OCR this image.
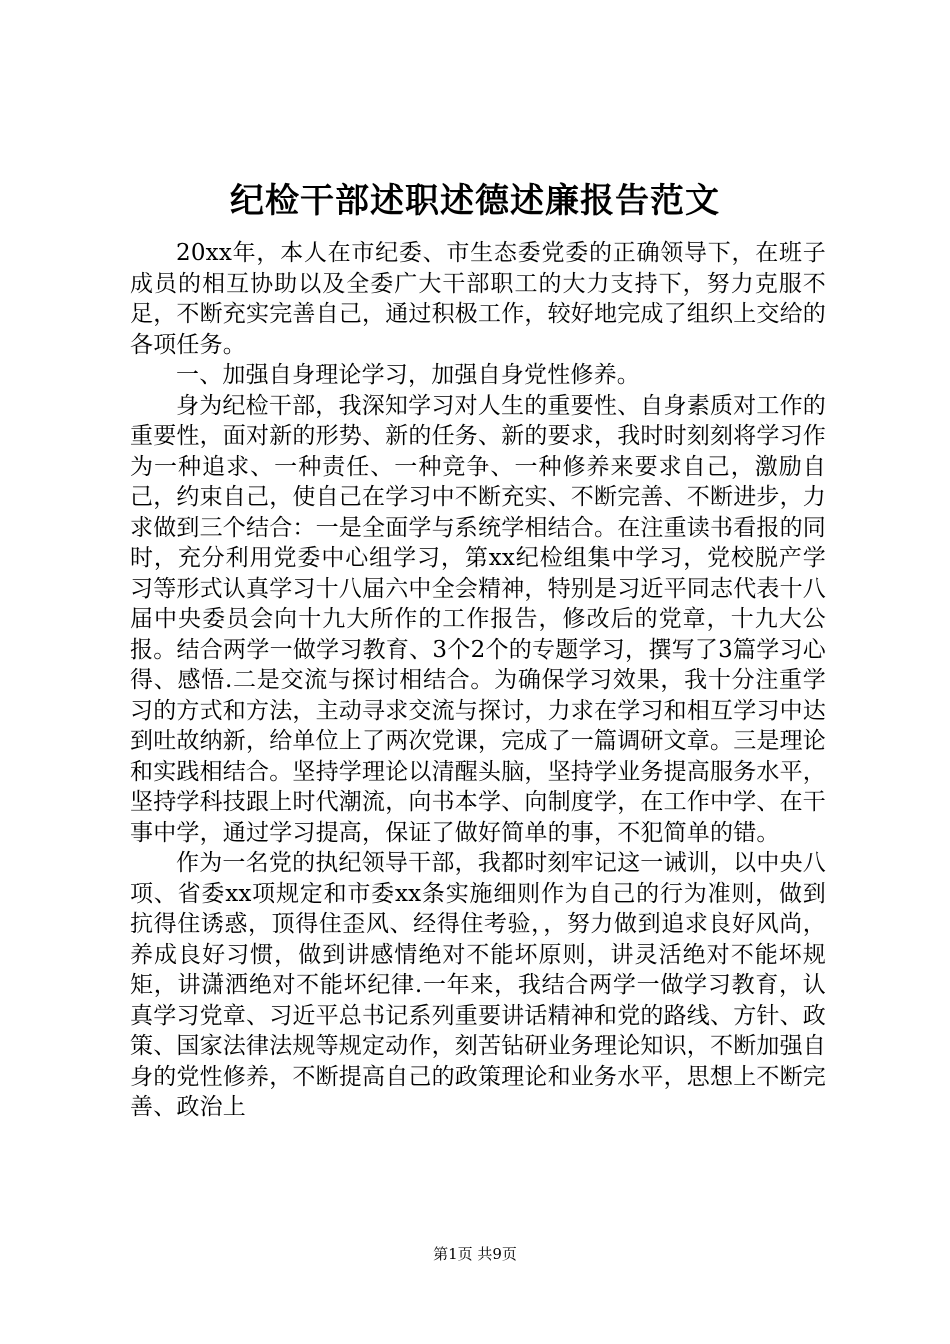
纪检干部述职述德述廉报告范文

20xx年，本人在市纪委、市生态委党委的正确领导下，在班子成员的相互协助以及全委广大干部职工的大力支持下，努力克服不足，不断充实完善自己，通过积极工作，较好地完成了组织上交给的各项任务。

一、加强自身理论学习，加强自身党性修养。

身为纪检干部，我深知学习对人生的重要性、自身素质对工作的重要性，面对新的形势、新的任务、新的要求，我时时刻刻将学习作为一种追求、一种责任、一种竞争、一种修养来要求自己，激励自己，约束自己，使自己在学习中不断充实、不断完善、不断进步，力求做到三个结合：一是全面学与系统学相结合。在注重读书看报的同时，充分利用党委中心组学习，第xx纪检组集中学习，党校脱产学习等形式认真学习十八届六中全会精神，特别是习近平同志代表十八届中央委员会向十九大所作的工作报告，修改后的党章，十九大公报。结合两学一做学习教育、3个2个的专题学习，撰写了3篇学习心得、感悟.二是交流与探讨相结合。为确保学习效果，我十分注重学习的方式和方法，主动寻求交流与探讨，力求在学习和相互学习中达到吐故纳新，给单位上了两次党课，完成了一篇调研文章。三是理论和实践相结合。坚持学理论以清醒头脑，坚持学业务提高服务水平，坚持学科技跟上时代潮流，向书本学、向制度学，在工作中学、在干事中学，通过学习提高，保证了做好简单的事，不犯简单的错。

作为一名党的执纪领导干部，我都时刻牢记这一诫训，以中央八项、省委xx项规定和市委xx条实施细则作为自己的行为准则，做到抗得住诱惑，顶得住歪风、经得住考验，，努力做到追求良好风尚，养成良好习惯，做到讲感情绝对不能坏原则，讲灵活绝对不能坏规矩，讲潇洒绝对不能坏纪律.一年来，我结合两学一做学习教育，认真学习党章、习近平总书记系列重要讲话精神和党的路线、方针、政策、国家法律法规等规定动作，刻苦钻研业务理论知识，不断加强自身的党性修养，不断提高自己的政策理论和业务水平，思想上不断完善、政治上

第1页 共9页
